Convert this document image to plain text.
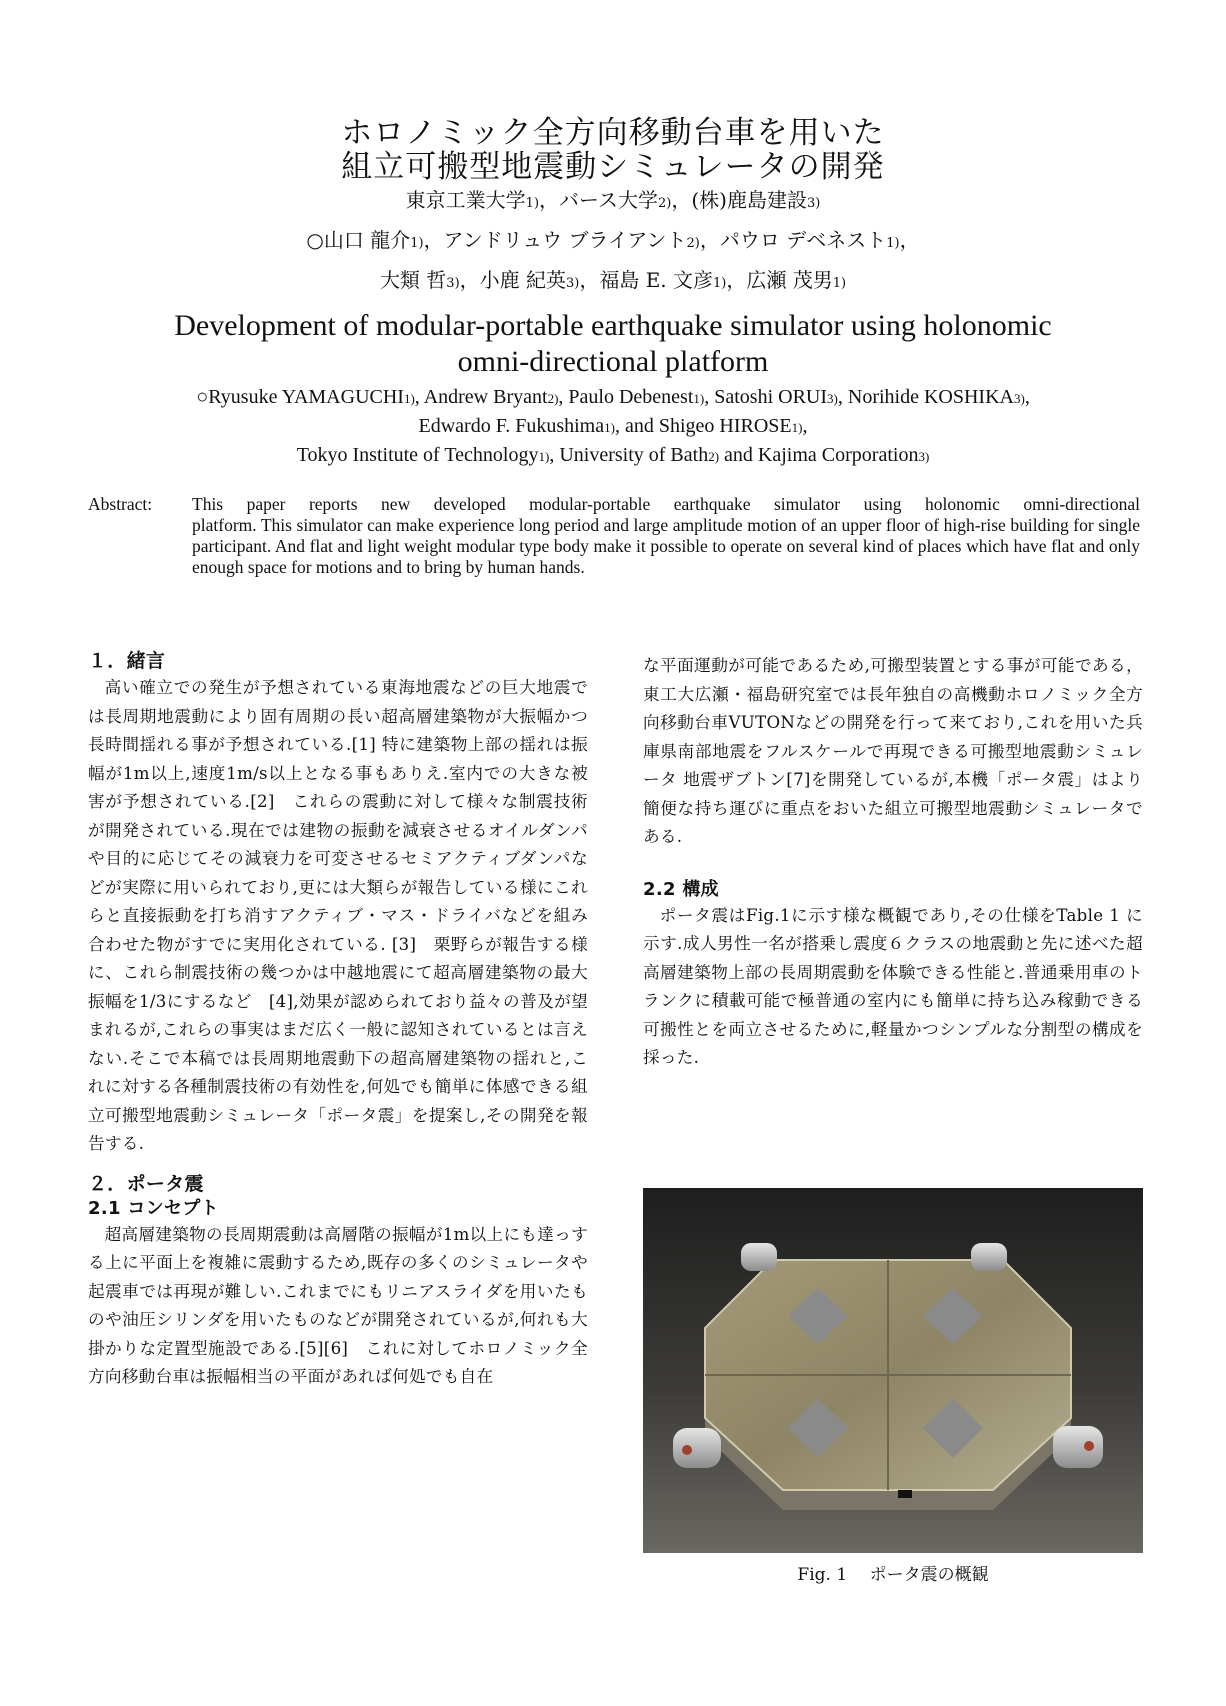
ホロノミック全方向移動台車を用いた
組立可搬型地震動シミュレータの開発
東京工業大学1)，バース大学2)，(株)鹿島建設3)
○山口 龍介1)，アンドリュウ ブライアント2)，パウロ デベネスト1)，
大類 哲3)，小鹿 紀英3)，福島 E. 文彦1)，広瀬 茂男1)
Development of modular-portable earthquake simulator using holonomic
omni-directional platform
○Ryusuke YAMAGUCHI1), Andrew Bryant2), Paulo Debenest1), Satoshi ORUI3), Norihide KOSHIKA3),
Edwardo F. Fukushima1), and Shigeo HIROSE1),
Tokyo Institute of Technology1), University of Bath2) and Kajima Corporation3)
Abstract: This paper reports new developed modular-portable earthquake simulator using holonomic omni-directional
platform. This simulator can make experience long period and large amplitude motion of an upper floor of high-rise building for single participant. And flat and light weight modular type body make it possible to operate on several kind of places which have flat and only enough space for motions and to bring by human hands.

１．緒言

高い確立での発生が予想されている東海地震などの巨大地震では長周期地震動により固有周期の長い超高層建築物が大振幅かつ長時間揺れる事が予想されている.[1] 特に建築物上部の揺れは振幅が1m以上,速度1m/s以上となる事もありえ.室内での大きな被害が予想されている.[2]　これらの震動に対して様々な制震技術が開発されている.現在では建物の振動を減衰させるオイルダンパや目的に応じてその減衰力を可変させるセミアクティブダンパなどが実際に用いられており,更には大類らが報告している様にこれらと直接振動を打ち消すアクティブ・マス・ドライバなどを組み合わせた物がすでに実用化されている. [3]　栗野らが報告する様に、これら制震技術の幾つかは中越地震にて超高層建築物の最大振幅を1/3にするなど　[4],効果が認められており益々の普及が望まれるが,これらの事実はまだ広く一般に認知されているとは言えない.そこで本稿では長周期地震動下の超高層建築物の揺れと,これに対する各種制震技術の有効性を,何処でも簡単に体感できる組立可搬型地震動シミュレータ「ポータ震」を提案し,その開発を報告する.

２．ポータ震

2.1 コンセプト

超高層建築物の長周期震動は高層階の振幅が1m以上にも達っする上に平面上を複雑に震動するため,既存の多くのシミュレータや起震車では再現が難しい.これまでにもリニアスライダを用いたものや油圧シリンダを用いたものなどが開発されているが,何れも大掛かりな定置型施設である.[5][6]　これに対してホロノミック全方向移動台車は振幅相当の平面があれば何処でも自在

な平面運動が可能であるため,可搬型装置とする事が可能である，東工大広瀬・福島研究室では長年独自の高機動ホロノミック全方向移動台車VUTONなどの開発を行って来ており,これを用いた兵庫県南部地震をフルスケールで再現できる可搬型地震動シミュレータ 地震ザブトン[7]を開発しているが,本機「ポータ震」はより簡便な持ち運びに重点をおいた組立可搬型地震動シミュレータである.

2.2 構成

ポータ震はFig.1に示す様な概観であり,その仕様をTable 1 に示す.成人男性一名が搭乗し震度６クラスの地震動と先に述べた超高層建築物上部の長周期震動を体験できる性能と.普通乗用車のトランクに積載可能で極普通の室内にも簡単に持ち込み稼動できる可搬性とを両立させるために,軽量かつシンプルな分割型の構成を採った.

Fig. 1　 ポータ震の概観
